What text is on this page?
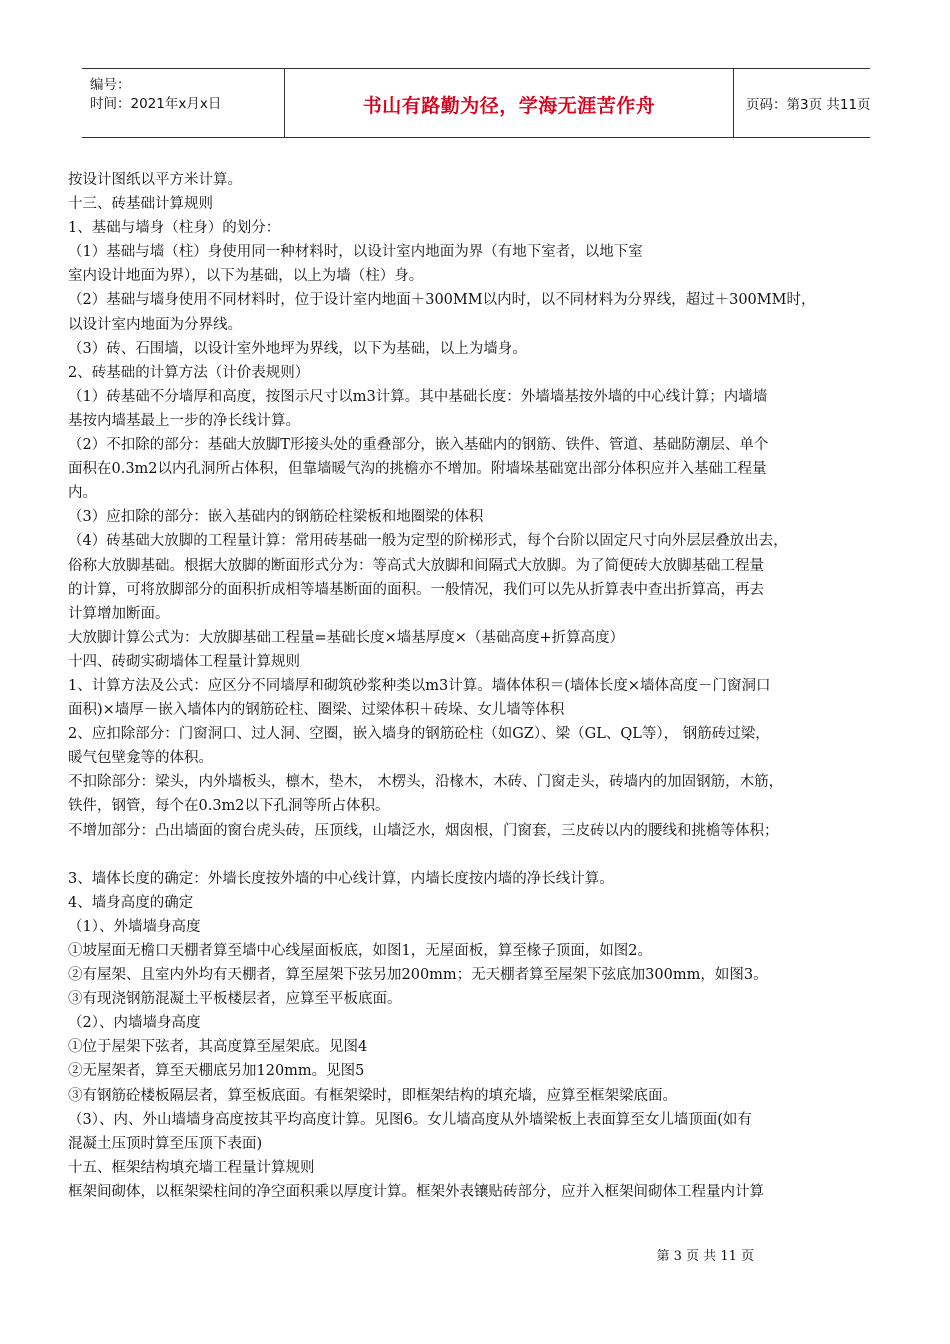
编号：
时间：2021年x月x日	书山有路勤为径，学海无涯苦作舟	页码：第3页 共11页
按设计图纸以平方米计算。
十三、砖基础计算规则
1、基础与墙身（柱身）的划分：
（1）基础与墙（柱）身使用同一种材料时，以设计室内地面为界（有地下室者，以地下室
室内设计地面为界），以下为基础，以上为墙（柱）身。
（2）基础与墙身使用不同材料时，位于设计室内地面＋300MM以内时，以不同材料为分界线，超过＋300MM时，
以设计室内地面为分界线。
（3）砖、石围墙，以设计室外地坪为界线，以下为基础，以上为墙身。
2、砖基础的计算方法（计价表规则）
（1）砖基础不分墙厚和高度，按图示尺寸以m3计算。其中基础长度：外墙墙基按外墙的中心线计算；内墙墙
基按内墙基最上一步的净长线计算。
（2）不扣除的部分：基础大放脚T形接头处的重叠部分，嵌入基础内的钢筋、铁件、管道、基础防潮层、单个
面积在0.3m2以内孔洞所占体积，但靠墙暖气沟的挑檐亦不增加。附墙垛基础宽出部分体积应并入基础工程量
内。
（3）应扣除的部分：嵌入基础内的钢筋砼柱梁板和地圈梁的体积
（4）砖基础大放脚的工程量计算：常用砖基础一般为定型的阶梯形式，每个台阶以固定尺寸向外层层叠放出去，
俗称大放脚基础。根据大放脚的断面形式分为：等高式大放脚和间隔式大放脚。为了简便砖大放脚基础工程量
的计算，可将放脚部分的面积折成相等墙基断面的面积。一般情况，我们可以先从折算表中查出折算高，再去
计算增加断面。
大放脚计算公式为：大放脚基础工程量=基础长度×墙基厚度×（基础高度+折算高度）
十四、砖砌实砌墙体工程量计算规则
1、计算方法及公式：应区分不同墙厚和砌筑砂浆种类以m3计算。墙体体积＝(墙体长度×墙体高度－门窗洞口
面积)×墙厚－嵌入墙体内的钢筋砼柱、圈梁、过梁体积＋砖垛、女儿墙等体积
2、应扣除部分：门窗洞口、过人洞、空圈，嵌入墙身的钢筋砼柱（如GZ）、梁（GL、QL等）， 钢筋砖过梁，
暖气包壁龛等的体积。
不扣除部分：梁头，内外墙板头，檩木，垫木， 木楞头，沿椽木，木砖、门窗走头，砖墙内的加固钢筋，木筋，
铁件，钢管，每个在0.3m2以下孔洞等所占体积。
不增加部分：凸出墙面的窗台虎头砖，压顶线，山墙泛水，烟囱根，门窗套，三皮砖以内的腰线和挑檐等体积；
3、墙体长度的确定：外墙长度按外墙的中心线计算，内墙长度按内墙的净长线计算。
4、墙身高度的确定
（1）、外墙墙身高度
①坡屋面无檐口天棚者算至墙中心线屋面板底，如图1，无屋面板，算至椽子顶面，如图2。
②有屋架、且室内外均有天棚者，算至屋架下弦另加200mm；无天棚者算至屋架下弦底加300mm，如图3。
③有现浇钢筋混凝土平板楼层者，应算至平板底面。
（2）、内墙墙身高度
①位于屋架下弦者，其高度算至屋架底。见图4
②无屋架者，算至天棚底另加120mm。见图5
③有钢筋砼楼板隔层者，算至板底面。有框架梁时，即框架结构的填充墙，应算至框架梁底面。
（3）、内、外山墙墙身高度按其平均高度计算。见图6。女儿墙高度从外墙梁板上表面算至女儿墙顶面(如有
混凝土压顶时算至压顶下表面)
十五、框架结构填充墙工程量计算规则
框架间砌体，以框架梁柱间的净空面积乘以厚度计算。框架外表镶贴砖部分，应并入框架间砌体工程量内计算
第 3 页 共 11 页
